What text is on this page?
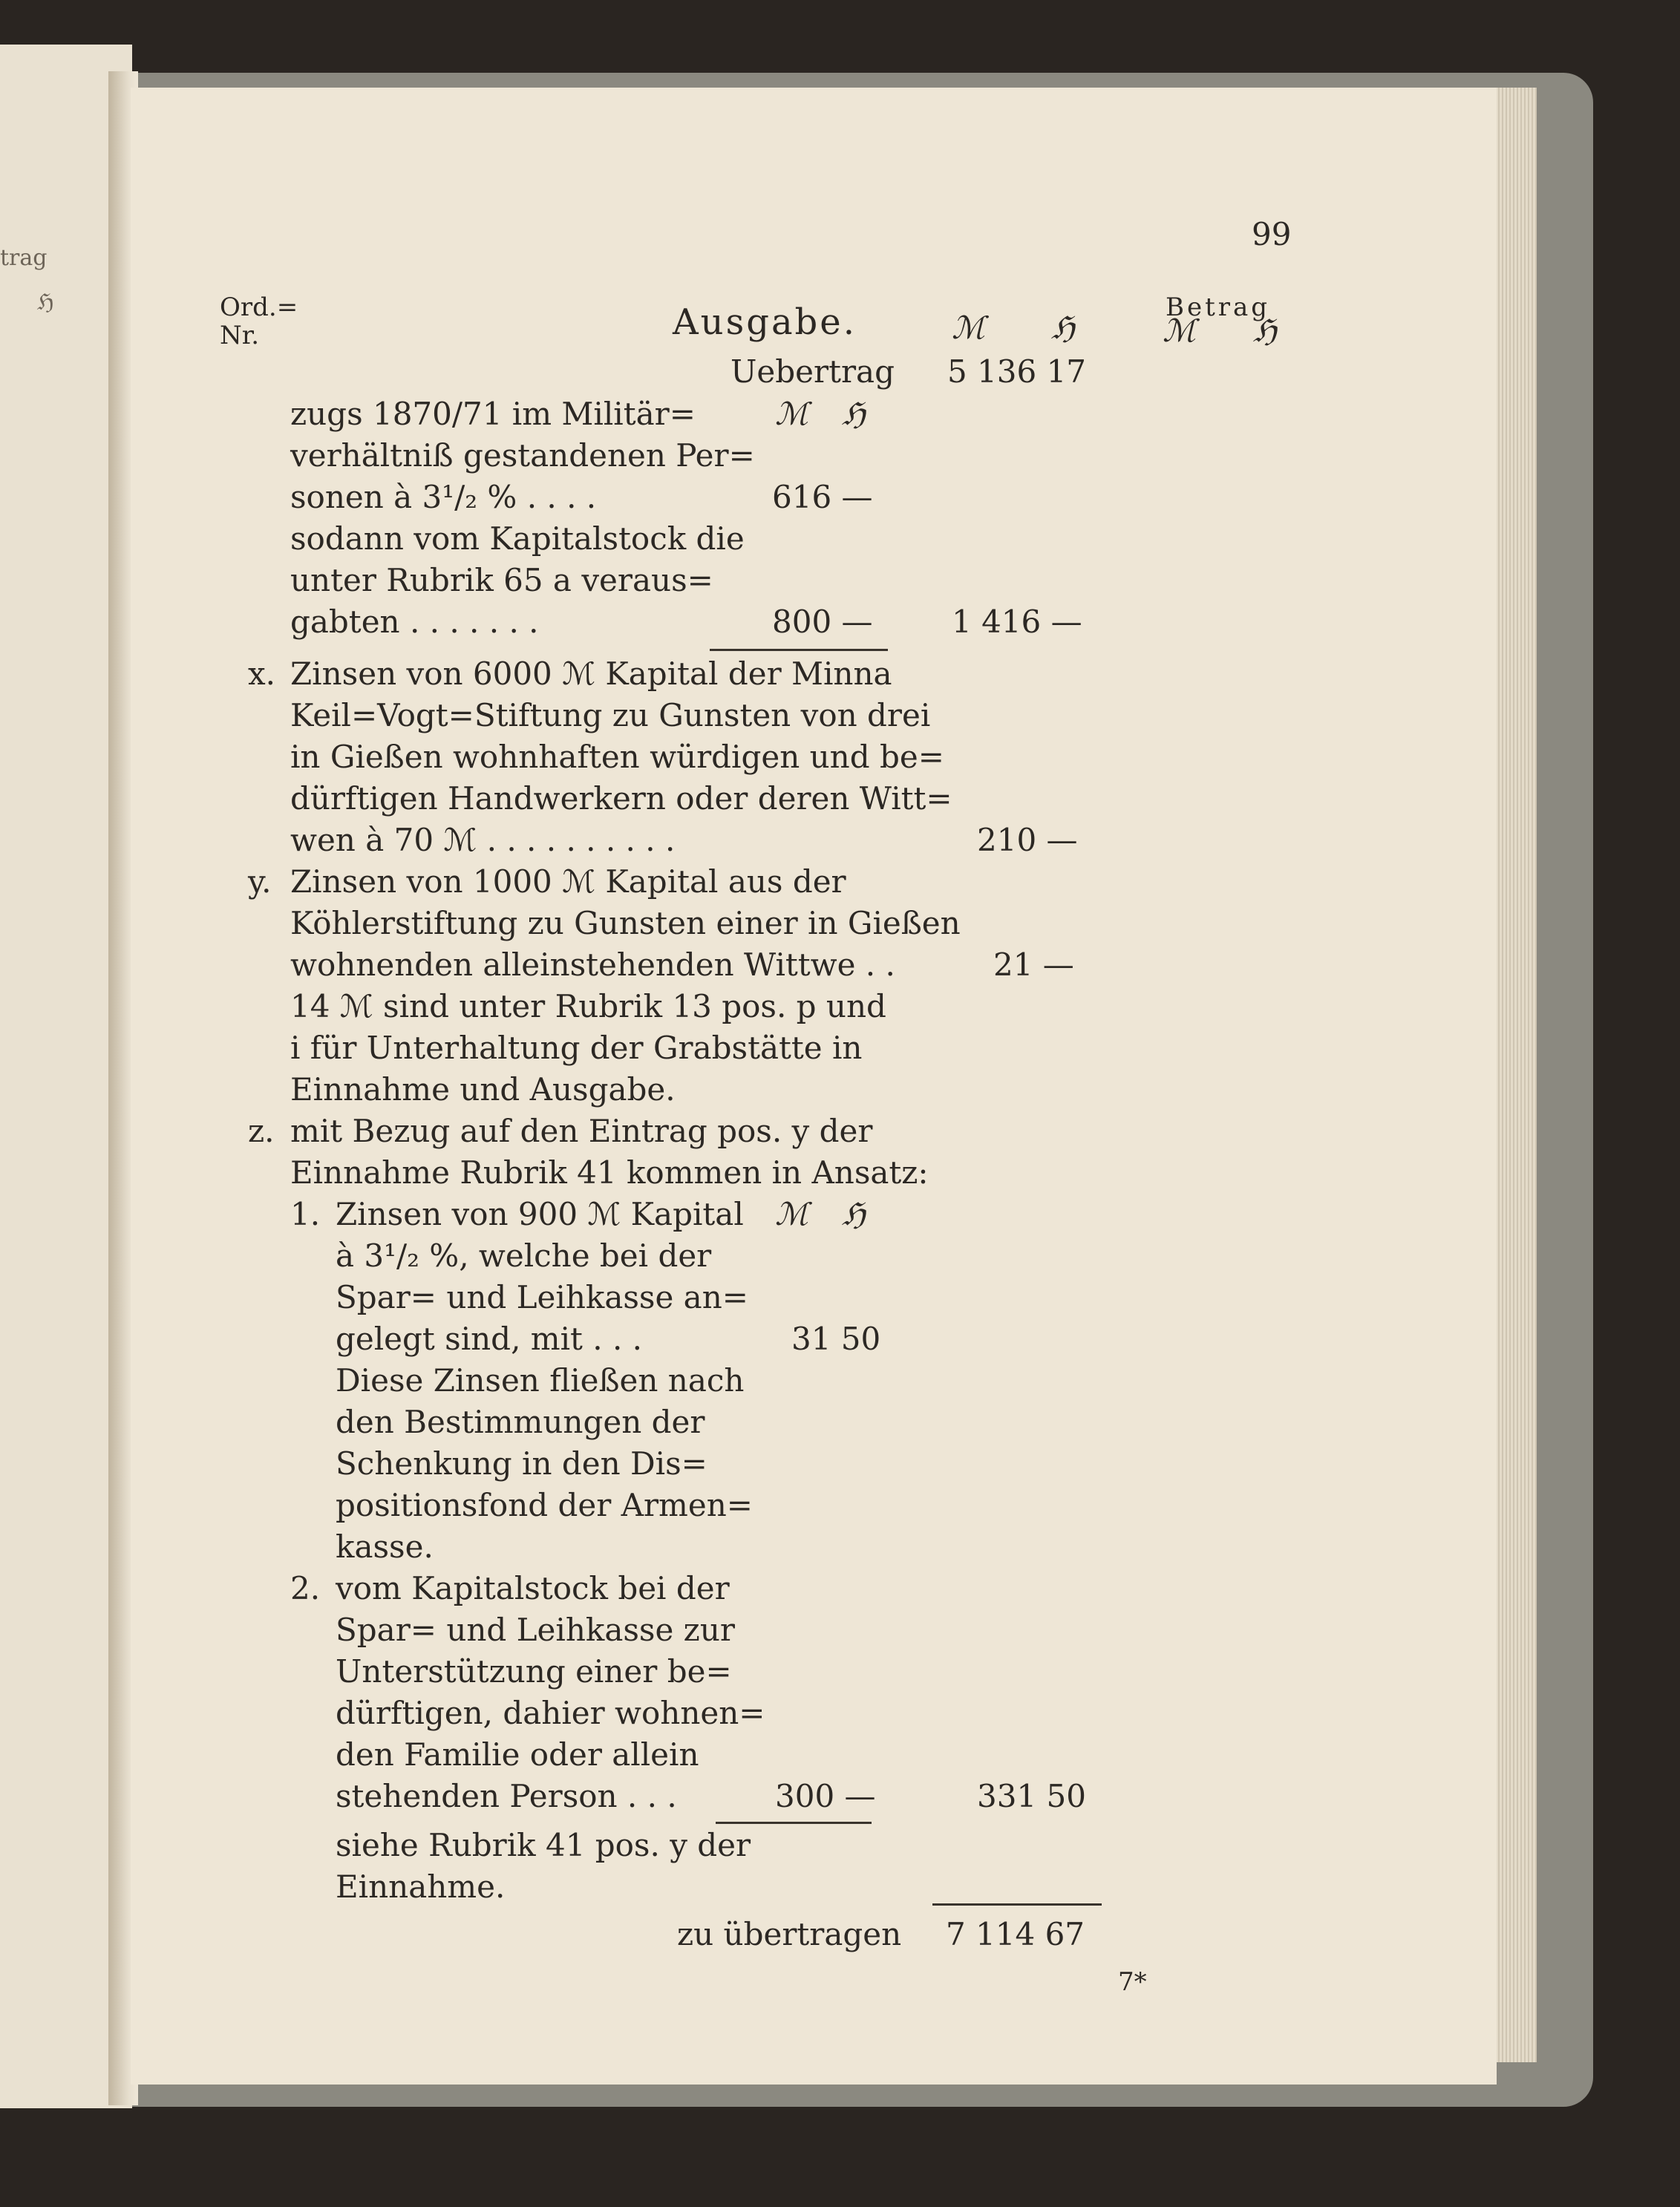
trag
ℌ
99
Ord.=
Nr.	Ausgabe.	ℳ ℌ
Betrag
ℳ ℌ
Uebertrag 5 136 17
zugs 1870/71 im Militär=	ℳ ℌ
verhältniß gestandenen Per=
sonen à 3¹/₂ % . . . .	616 —
sodann vom Kapitalstock die
unter Rubrik 65 a veraus=
gabten . . . . . . .	800 —	1 416 —
x. Zinsen von 6000 ℳ Kapital der Minna
Keil=Vogt=Stiftung zu Gunsten von drei
in Gießen wohnhaften würdigen und be=
dürftigen Handwerkern oder deren Witt=
wen à 70 ℳ . . . . . . . . . .	210 —
y. Zinsen von 1000 ℳ Kapital aus der
Köhlerstiftung zu Gunsten einer in Gießen
wohnenden alleinstehenden Wittwe . .	21 —
14 ℳ sind unter Rubrik 13 pos. p und
i für Unterhaltung der Grabstätte in
Einnahme und Ausgabe.
z. mit Bezug auf den Eintrag pos. y der
Einnahme Rubrik 41 kommen in Ansatz:
1. Zinsen von 900 ℳ Kapital ℳ ℌ
à 3¹/₂ %, welche bei der
Spar= und Leihkasse an=
gelegt sind, mit . . .	31 50
Diese Zinsen fließen nach
den Bestimmungen der
Schenkung in den Dis=
positionsfond der Armen=
kasse.
2. vom Kapitalstock bei der
Spar= und Leihkasse zur
Unterstützung einer be=
dürftigen, dahier wohnen=
den Familie oder allein
stehenden Person . . .	300 —	331 50
siehe Rubrik 41 pos. y der
Einnahme.
zu übertragen 7 114 67
7*
